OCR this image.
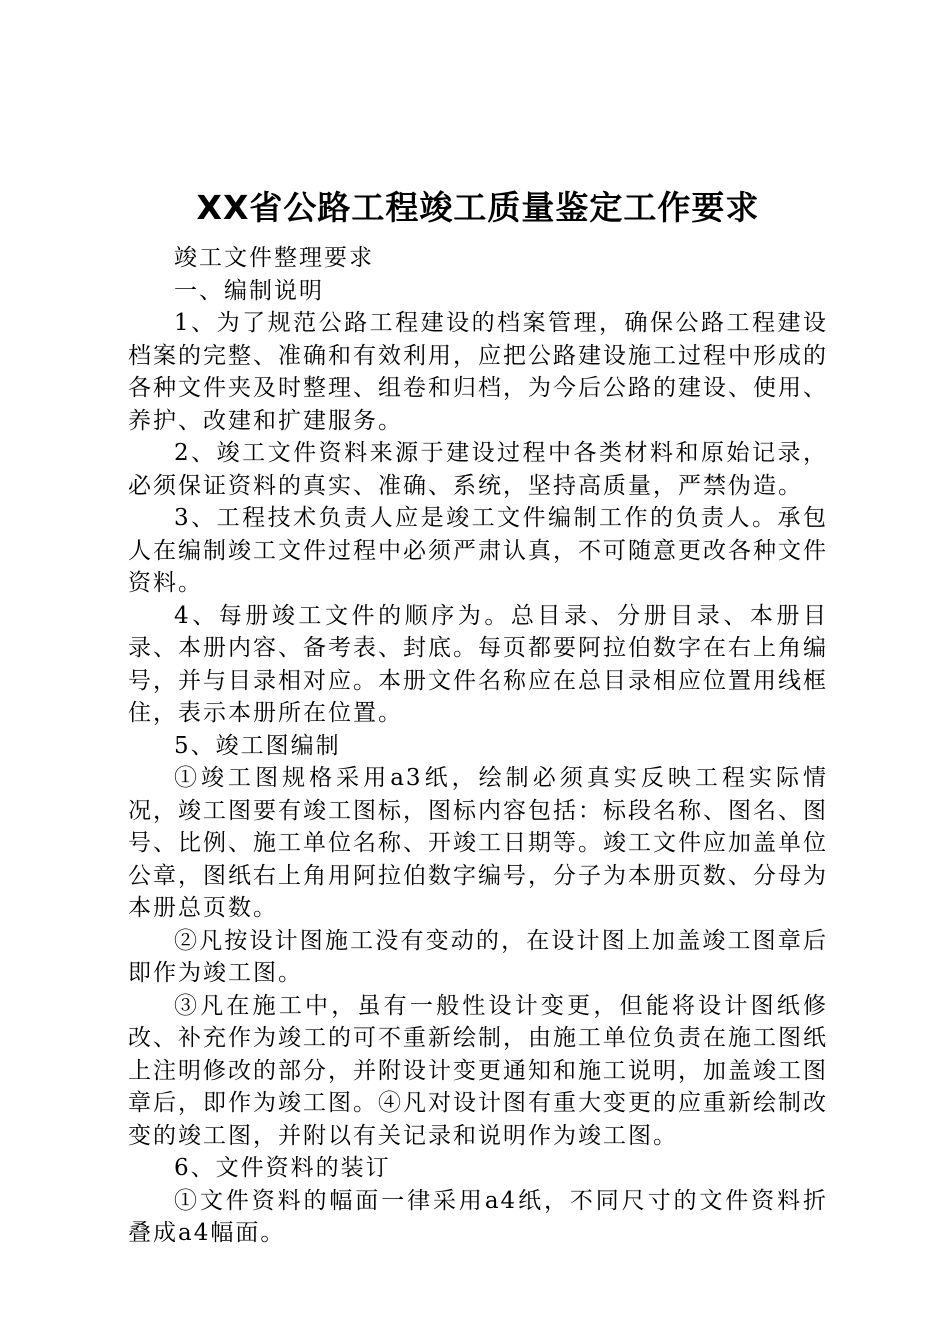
XX省公路工程竣工质量鉴定工作要求

竣工文件整理要求

一、编制说明

1、为了规范公路工程建设的档案管理，确保公路工程建设档案的完整、准确和有效利用，应把公路建设施工过程中形成的各种文件夹及时整理、组卷和归档，为今后公路的建设、使用、养护、改建和扩建服务。

2、竣工文件资料来源于建设过程中各类材料和原始记录，必须保证资料的真实、准确、系统，坚持高质量，严禁伪造。

3、工程技术负责人应是竣工文件编制工作的负责人。承包人在编制竣工文件过程中必须严肃认真，不可随意更改各种文件资料。

4、每册竣工文件的顺序为。总目录、分册目录、本册目录、本册内容、备考表、封底。每页都要阿拉伯数字在右上角编号，并与目录相对应。本册文件名称应在总目录相应位置用线框住，表示本册所在位置。

5、竣工图编制

①竣工图规格采用a3纸，绘制必须真实反映工程实际情况，竣工图要有竣工图标，图标内容包括：标段名称、图名、图号、比例、施工单位名称、开竣工日期等。竣工文件应加盖单位公章，图纸右上角用阿拉伯数字编号，分子为本册页数、分母为本册总页数。

②凡按设计图施工没有变动的，在设计图上加盖竣工图章后即作为竣工图。

③凡在施工中，虽有一般性设计变更，但能将设计图纸修改、补充作为竣工的可不重新绘制，由施工单位负责在施工图纸上注明修改的部分，并附设计变更通知和施工说明，加盖竣工图章后，即作为竣工图。④凡对设计图有重大变更的应重新绘制改变的竣工图，并附以有关记录和说明作为竣工图。

6、文件资料的装订

①文件资料的幅面一律采用a4纸，不同尺寸的文件资料折叠成a4幅面。
